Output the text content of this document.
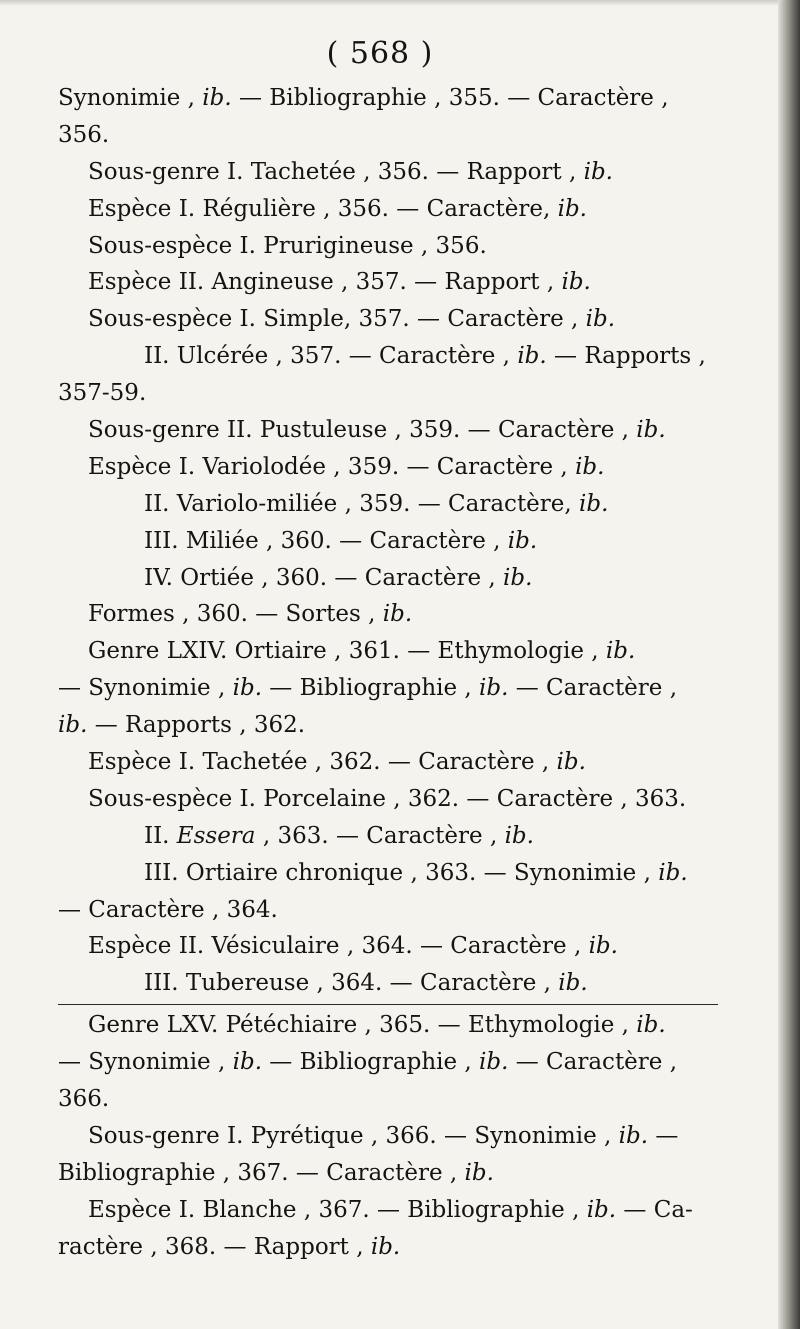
( 568 )
Synonimie , ib. — Bibliographie , 355. — Caractère ,
356.
Sous-genre I. Tachetée , 356. — Rapport , ib.
Espèce I. Régulière , 356. — Caractère, ib.
Sous-espèce I. Prurigineuse , 356.
Espèce II. Angineuse , 357. — Rapport , ib.
Sous-espèce I. Simple, 357. — Caractère , ib.
II. Ulcérée , 357. — Caractère , ib. — Rapports ,
357-59.
Sous-genre II. Pustuleuse , 359. — Caractère , ib.
Espèce I. Variolodée , 359. — Caractère , ib.
II. Variolo-miliée , 359. — Caractère, ib.
III. Miliée , 360. — Caractère , ib.
IV. Ortiée , 360. — Caractère , ib.
Formes , 360. — Sortes , ib.
Genre LXIV. Ortiaire , 361. — Ethymologie , ib.
— Synonimie , ib. — Bibliographie , ib. — Caractère ,
ib. — Rapports , 362.
Espèce I. Tachetée , 362. — Caractère , ib.
Sous-espèce I. Porcelaine , 362. — Caractère , 363.
II. Essera , 363. — Caractère , ib.
III. Ortiaire chronique , 363. — Synonimie , ib.
— Caractère , 364.
Espèce II. Vésiculaire , 364. — Caractère , ib.
III. Tubereuse , 364. — Caractère , ib.
Genre LXV. Pétéchiaire , 365. — Ethymologie , ib.
— Synonimie , ib. — Bibliographie , ib. — Caractère ,
366.
Sous-genre I. Pyrétique , 366. — Synonimie , ib. —
Bibliographie , 367. — Caractère , ib.
Espèce I. Blanche , 367. — Bibliographie , ib. — Ca-
ractère , 368. — Rapport , ib.
